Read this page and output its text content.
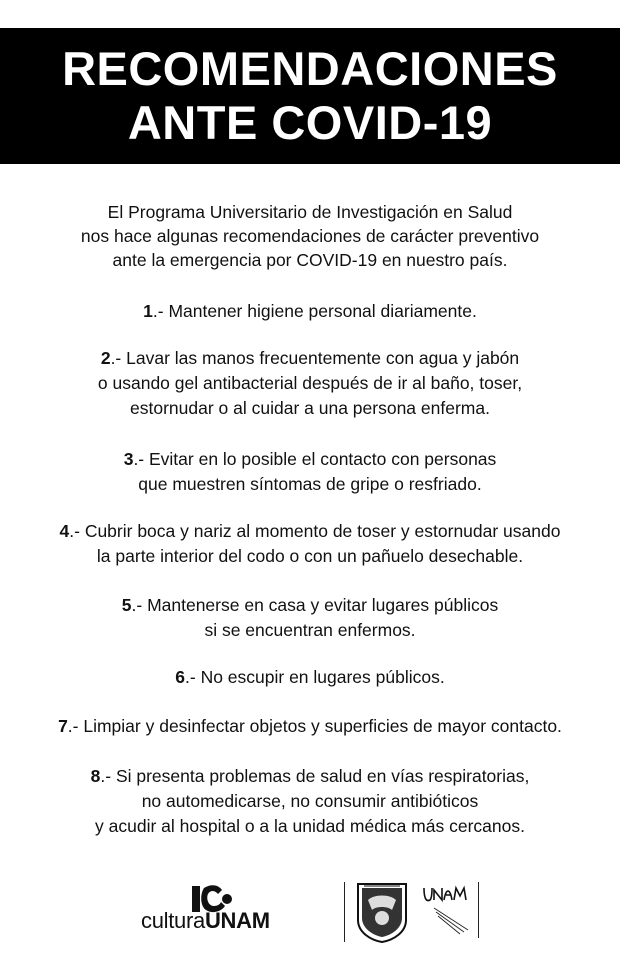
RECOMENDACIONES
ANTE COVID-19
El Programa Universitario de Investigación en Salud
nos hace algunas recomendaciones de carácter preventivo
ante la emergencia por COVID-19 en nuestro país.
1.- Mantener higiene personal diariamente.
2.- Lavar las manos frecuentemente con agua y jabón
o usando gel antibacterial después de ir al baño, toser,
estornudar o al cuidar a una persona enferma.
3.- Evitar en lo posible el contacto con personas
que muestren síntomas de gripe o resfriado.
4.- Cubrir boca y nariz al momento de toser y estornudar usando
la parte interior del codo o con un pañuelo desechable.
5.- Mantenerse en casa y evitar lugares públicos
si se encuentran enfermos.
6.- No escupir en lugares públicos.
7.- Limpiar y desinfectar objetos y superficies de mayor contacto.
8.- Si presenta problemas de salud en vías respiratorias,
no automedicarse, no consumir antibióticos
y acudir al hospital o a la unidad médica más cercanos.
culturaUNAM
